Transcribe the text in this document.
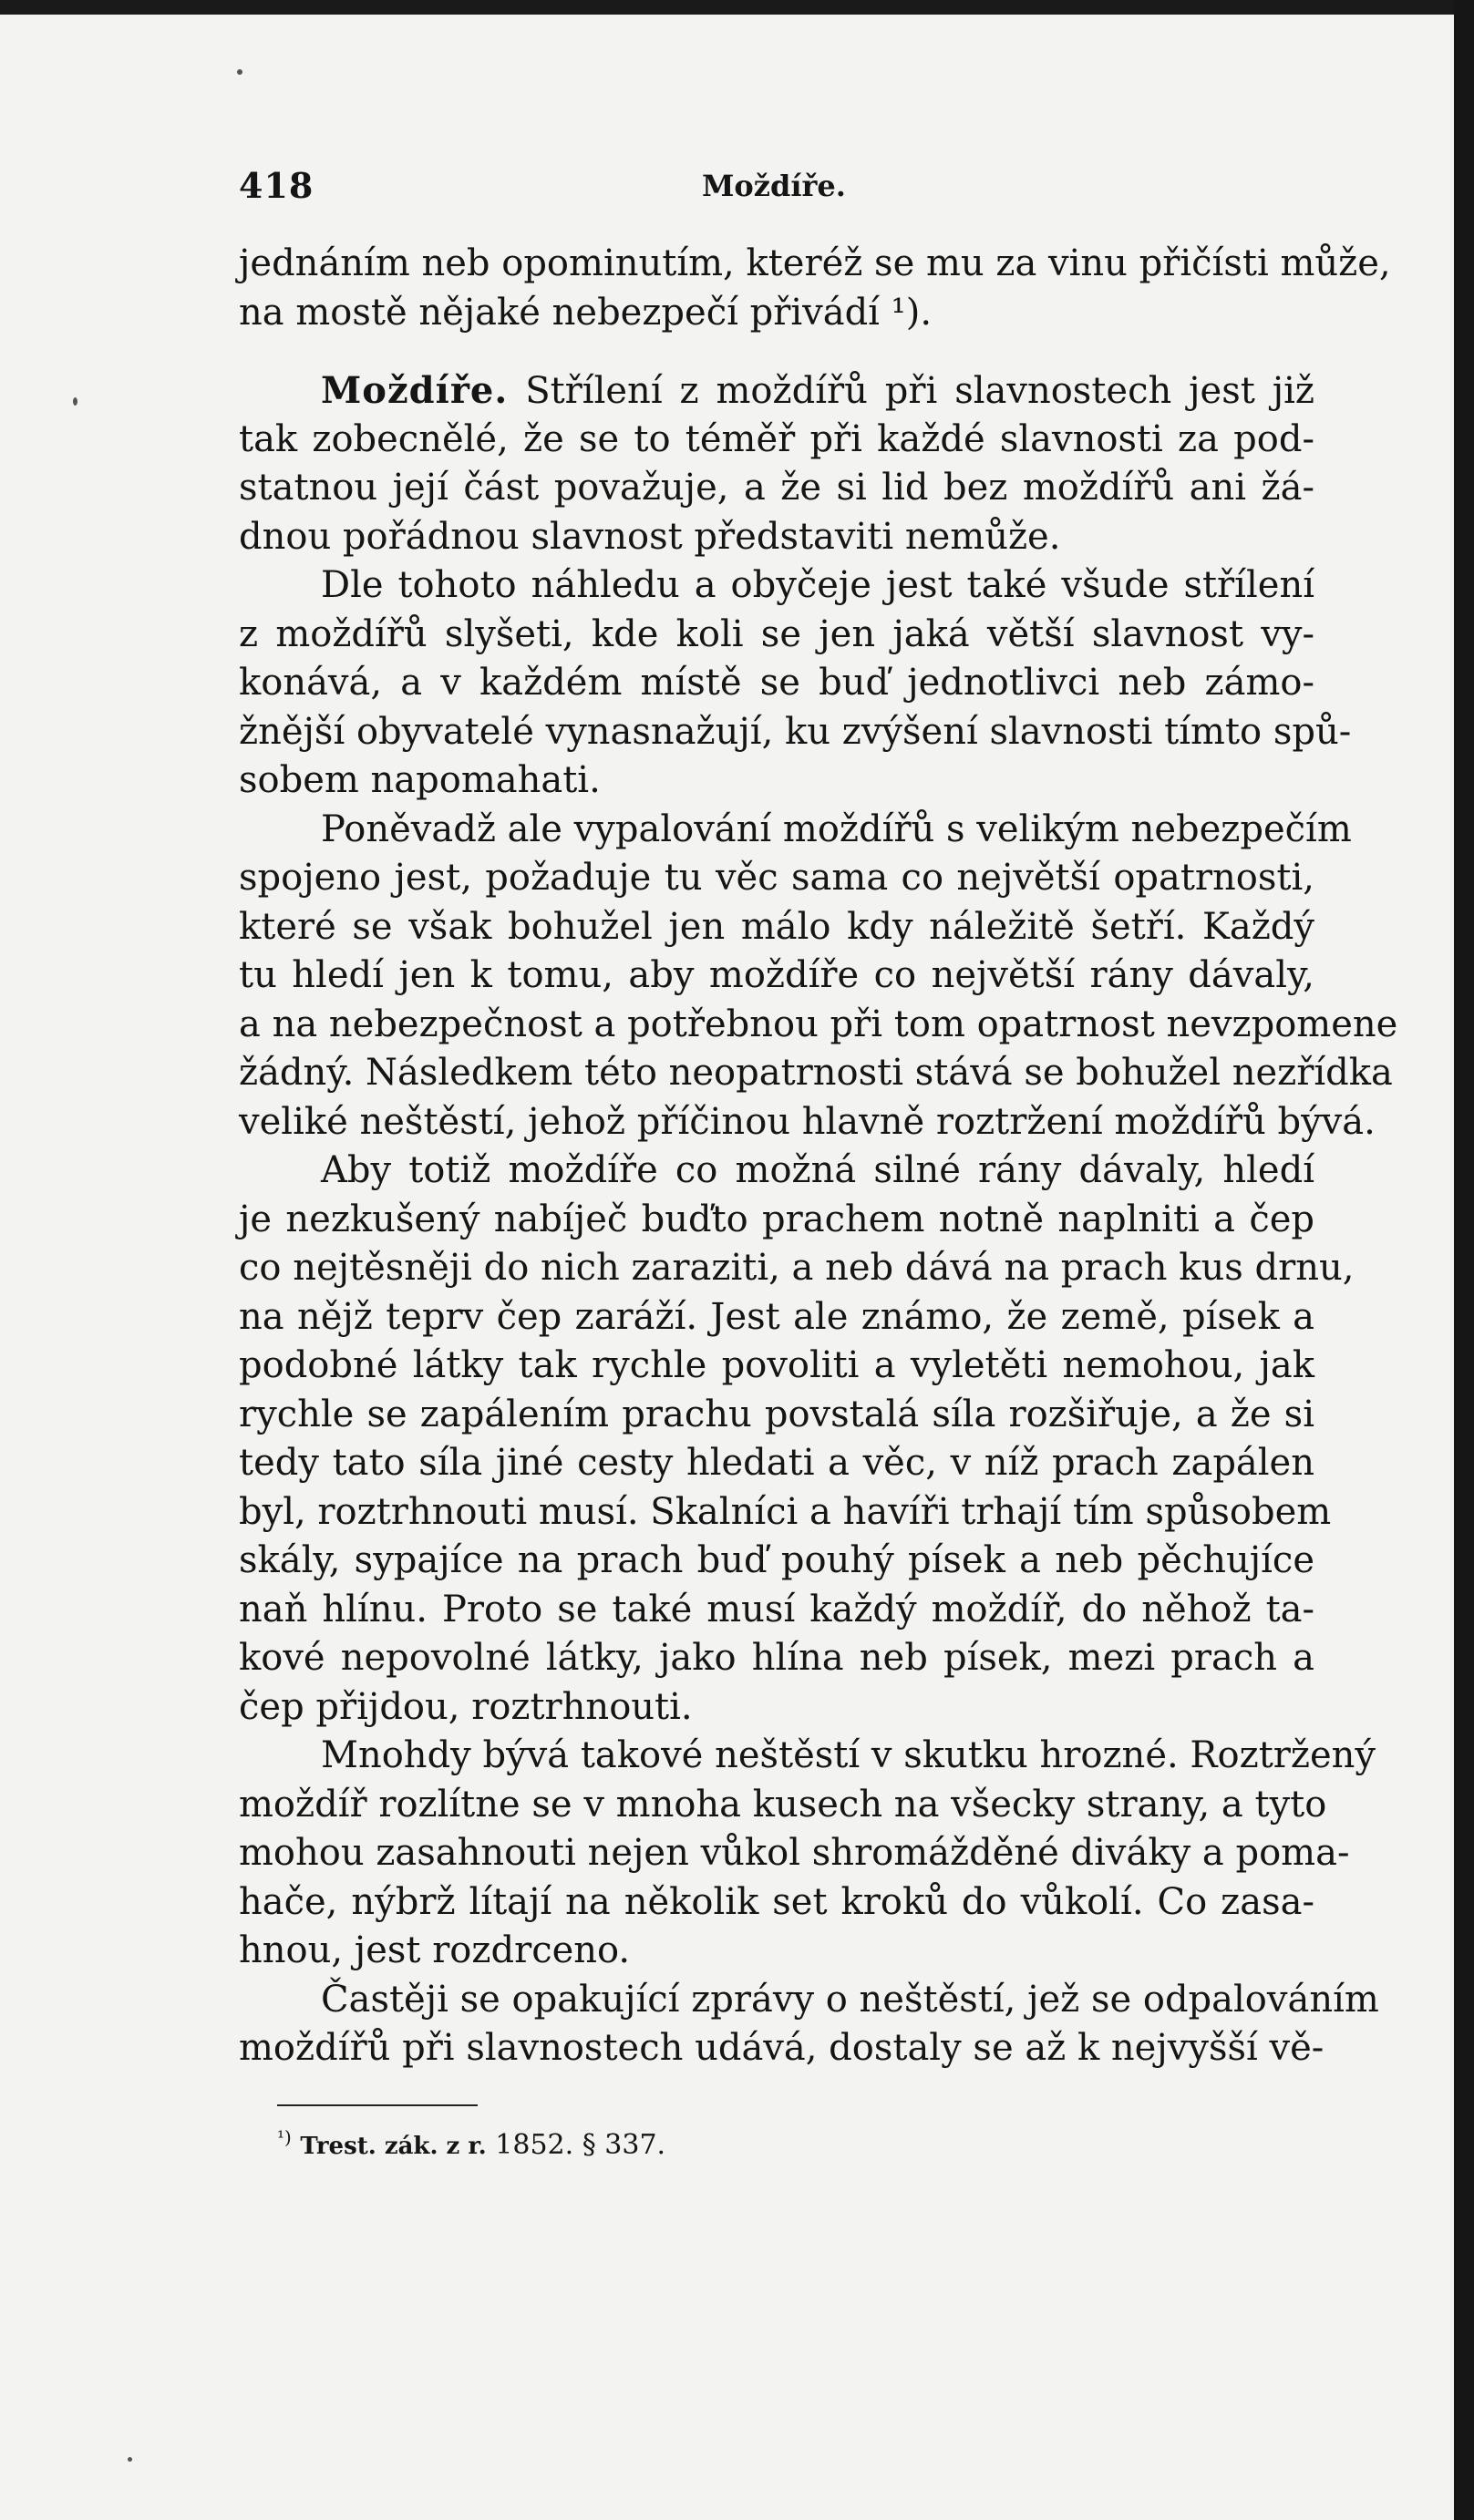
418	Moždíře.
jednáním neb opominutím, kteréž se mu za vinu přičísti může,
na mostě nějaké nebezpečí přivádí ¹).
Moždíře. Střílení z moždířů při slavnostech jest již
tak zobecnělé, že se to téměř při každé slavnosti za pod-
statnou její část považuje, a že si lid bez moždířů ani žá-
dnou pořádnou slavnost představiti nemůže.
Dle tohoto náhledu a obyčeje jest také všude střílení
z moždířů slyšeti, kde koli se jen jaká větší slavnost vy-
konává, a v každém místě se buď jednotlivci neb zámo-
žnější obyvatelé vynasnažují, ku zvýšení slavnosti tímto spů-
sobem napomahati.
Poněvadž ale vypalování moždířů s velikým nebezpečím
spojeno jest, požaduje tu věc sama co největší opatrnosti,
které se však bohužel jen málo kdy náležitě šetří. Každý
tu hledí jen k tomu, aby moždíře co největší rány dávaly,
a na nebezpečnost a potřebnou při tom opatrnost nevzpomene
žádný. Následkem této neopatrnosti stává se bohužel nezřídka
veliké neštěstí, jehož příčinou hlavně roztržení moždířů bývá.
Aby totiž moždíře co možná silné rány dávaly, hledí
je nezkušený nabíječ buďto prachem notně naplniti a čep
co nejtěsněji do nich zaraziti, a neb dává na prach kus drnu,
na nějž teprv čep zaráží. Jest ale známo, že země, písek a
podobné látky tak rychle povoliti a vyletěti nemohou, jak
rychle se zapálením prachu povstalá síla rozšiřuje, a že si
tedy tato síla jiné cesty hledati a věc, v níž prach zapálen
byl, roztrhnouti musí. Skalníci a havíři trhají tím spůsobem
skály, sypajíce na prach buď pouhý písek a neb pěchujíce
naň hlínu. Proto se také musí každý moždíř, do něhož ta-
kové nepovolné látky, jako hlína neb písek, mezi prach a
čep přijdou, roztrhnouti.
Mnohdy bývá takové neštěstí v skutku hrozné. Roztržený
moždíř rozlítne se v mnoha kusech na všecky strany, a tyto
mohou zasahnouti nejen vůkol shromážděné diváky a poma-
hače, nýbrž lítají na několik set kroků do vůkolí. Co zasa-
hnou, jest rozdrceno.
Častěji se opakující zprávy o neštěstí, jež se odpalováním
moždířů při slavnostech udává, dostaly se až k nejvyšší vě-
$^{^1)}$ Trest. zák. z r. 1852. § 337.
